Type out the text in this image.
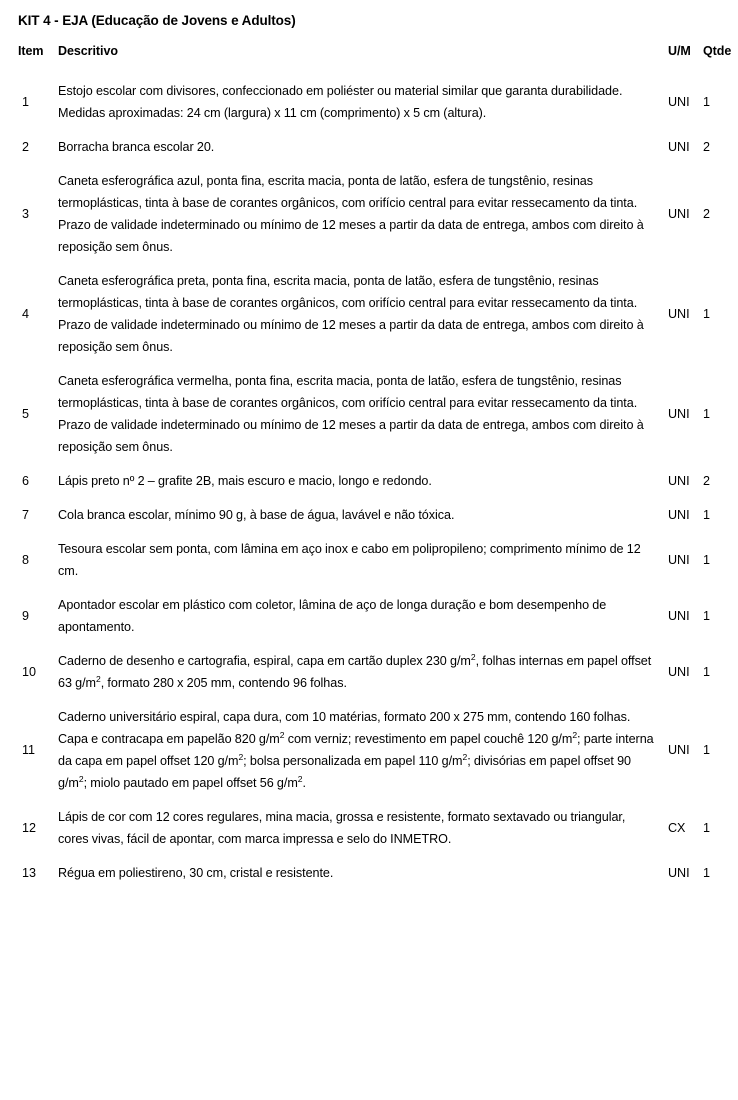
KIT 4 - EJA (Educação de Jovens e Adultos)
Item	Descritivo	U/M	Qtde
1	Estojo escolar com divisores, confeccionado em poliéster ou material similar que garanta durabilidade. Medidas aproximadas: 24 cm (largura) x 11 cm (comprimento) x 5 cm (altura).	UNI	1
2	Borracha branca escolar 20.	UNI	2
3	Caneta esferográfica azul, ponta fina, escrita macia, ponta de latão, esfera de tungstênio, resinas termoplásticas, tinta à base de corantes orgânicos, com orifício central para evitar ressecamento da tinta. Prazo de validade indeterminado ou mínimo de 12 meses a partir da data de entrega, ambos com direito à reposição sem ônus.	UNI	2
4	Caneta esferográfica preta, ponta fina, escrita macia, ponta de latão, esfera de tungstênio, resinas termoplásticas, tinta à base de corantes orgânicos, com orifício central para evitar ressecamento da tinta. Prazo de validade indeterminado ou mínimo de 12 meses a partir da data de entrega, ambos com direito à reposição sem ônus.	UNI	1
5	Caneta esferográfica vermelha, ponta fina, escrita macia, ponta de latão, esfera de tungstênio, resinas termoplásticas, tinta à base de corantes orgânicos, com orifício central para evitar ressecamento da tinta. Prazo de validade indeterminado ou mínimo de 12 meses a partir da data de entrega, ambos com direito à reposição sem ônus.	UNI	1
6	Lápis preto nº 2 – grafite 2B, mais escuro e macio, longo e redondo.	UNI	2
7	Cola branca escolar, mínimo 90 g, à base de água, lavável e não tóxica.	UNI	1
8	Tesoura escolar sem ponta, com lâmina em aço inox e cabo em polipropileno; comprimento mínimo de 12 cm.	UNI	1
9	Apontador escolar em plástico com coletor, lâmina de aço de longa duração e bom desempenho de apontamento.	UNI	1
10	Caderno de desenho e cartografia, espiral, capa em cartão duplex 230 $g/m^2$, folhas internas em papel offset 63 $g/m^2$, formato 280 x 205 mm, contendo 96 folhas.	UNI	1
11	Caderno universitário espiral, capa dura, com 10 matérias, formato 200 x 275 mm, contendo 160 folhas. Capa e contracapa em papelão 820 $g/m^2$ com verniz; revestimento em papel couchê 120 $g/m^2$; parte interna da capa em papel offset 120 $g/m^2$; bolsa personalizada em papel 110 $g/m^2$; divisórias em papel offset 90 $g/m^2$; miolo pautado em papel offset 56 $g/m^2$.	UNI	1
12	Lápis de cor com 12 cores regulares, mina macia, grossa e resistente, formato sextavado ou triangular, cores vivas, fácil de apontar, com marca impressa e selo do INMETRO.	CX	1
13	Régua em poliestireno, 30 cm, cristal e resistente.	UNI	1
